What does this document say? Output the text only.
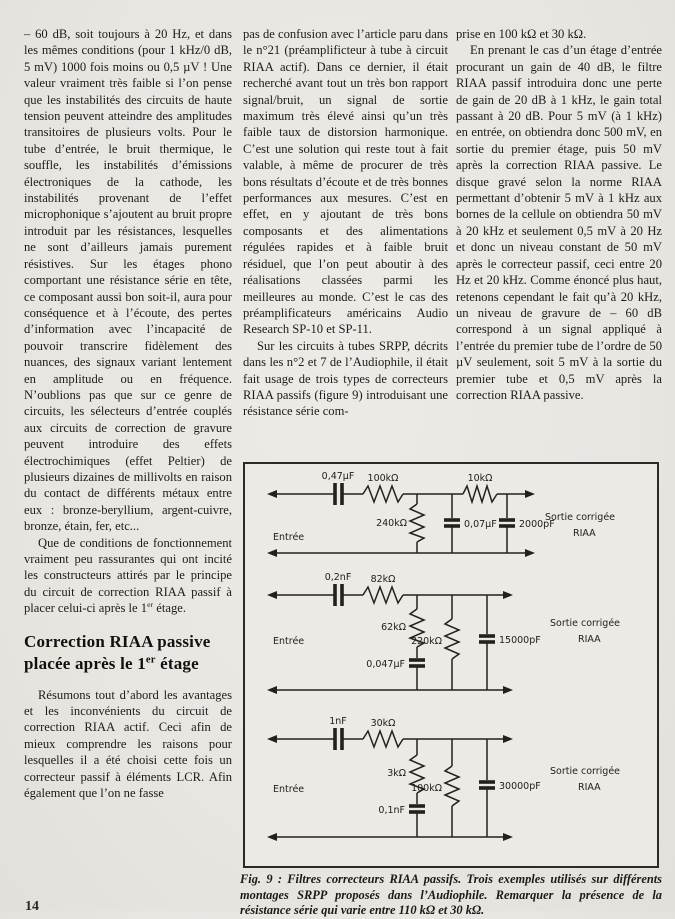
– 60 dB, soit toujours à 20 Hz, et dans les mêmes conditions (pour 1 kHz/0 dB, 5 mV) 1000 fois moins ou 0,5 µV ! Une valeur vraiment très faible si l’on pense que les instabilités des circuits de haute tension peuvent atteindre des amplitudes transitoires de plusieurs volts. Pour le tube d’entrée, le bruit thermique, le souffle, les instabilités d’émissions électroniques de la cathode, les instabilités provenant de l’effet microphonique s’ajoutent au bruit propre introduit par les résistances, lesquelles ne sont d’ailleurs jamais purement résistives. Sur les étages phono comportant une résistance série en tête, ce composant aussi bon soit-il, aura pour conséquence et à l’écoute, des pertes d’information avec l’incapacité de pouvoir transcrire fidèlement des nuances, des signaux variant lentement en amplitude ou en fréquence. N’oublions pas que sur ce genre de circuits, les sélecteurs d’entrée couplés aux circuits de correction de gravure peuvent introduire des effets électrochimiques (effet Peltier) de plusieurs dizaines de millivolts en raison du contact de différents métaux entre eux : bronze-beryllium, argent-cuivre, bronze, étain, fer, etc...

Que de conditions de fonctionnement vraiment peu rassurantes qui ont incité les constructeurs attirés par le principe du circuit de correction RIAA passif à placer celui-ci après le 1er étage.

Correction RIAA passive placée après le 1er étage

Résumons tout d’abord les avantages et les inconvénients du circuit de correction RIAA actif. Ceci afin de mieux comprendre les raisons pour lesquelles il a été choisi cette fois un correcteur passif à éléments LCR. Afin également que l’on ne fasse

pas de confusion avec l’article paru dans le n°21 (préamplificteur à tube à circuit RIAA actif). Dans ce dernier, il était recherché avant tout un très bon rapport signal/bruit, un signal de sortie maximum très élevé ainsi qu’un très faible taux de distorsion harmonique. C’est une solution qui reste tout à fait valable, à même de procurer de très bons résultats d’écoute et de très bonnes performances aux mesures. C’est en effet, en y ajoutant de très bons composants et des alimentations régulées rapides et à faible bruit résiduel, que l’on peut aboutir à des réalisations classées parmi les meilleures au monde. C’est le cas des préamplificateurs américains Audio Research SP-10 et SP-11.

Sur les circuits à tubes SRPP, décrits dans les n°2 et 7 de l’Audiophile, il était fait usage de trois types de correcteurs RIAA passifs (figure 9) introduisant une résistance série com-

prise en 100 kΩ et 30 kΩ.

En prenant le cas d’un étage d’entrée procurant un gain de 40 dB, le filtre RIAA passif introduira donc une perte de gain de 20 dB à 1 kHz, le gain total passant à 20 dB. Pour 5 mV (à 1 kHz) en entrée, on obtiendra donc 500 mV, en sortie du premier étage, puis 50 mV après la correction RIAA passive. Le disque gravé selon la norme RIAA permettant d’obtenir 5 mV à 1 kHz aux bornes de la cellule on obtiendra 50 mV à 20 kHz et seulement 0,5 mV à 20 Hz et donc un niveau constant de 50 mV après le correcteur passif, ceci entre 20 Hz et 20 kHz. Comme énoncé plus haut, retenons cependant le fait qu’à 20 kHz, un niveau de gravure de – 60 dB correspond à un signal appliqué à l’entrée du premier tube de l’ordre de 50 µV seulement, soit 5 mV à la sortie du premier tube et 0,5 mV après la correction RIAA passive.

0,47µF 100kΩ	10kΩ
240kΩ	0,07µF 2000pF
Entrée
Sortie corrigée
RIAA
0,2nF 82kΩ
62kΩ
0,047µF
220kΩ	15000pF
Entrée
Sortie corrigée
RIAA
1nF	30kΩ
3kΩ
0,1nF
100kΩ	30000pF
Entrée
Sortie corrigée
RIAA
Fig. 9 : Filtres correcteurs RIAA passifs. Trois exemples utilisés sur différents montages SRPP proposés dans l’Audiophile. Remarquer la présence de la résistance série qui varie entre 110 kΩ et 30 kΩ.
14
